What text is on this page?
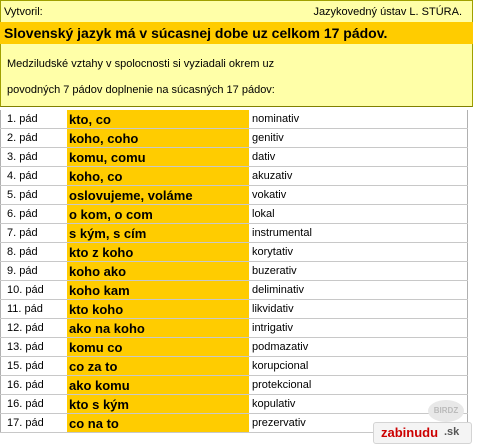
Vytvoril:	Jazykovedný ústav L. STÚRA.
Slovenský jazyk má v súcasnej dobe uz celkom 17 pádov.
Medziludské vztahy v spolocnosti si vyziadali okrem uz
povodných 7 pádov doplnenie na súcasných 17 pádov:
1. pád	kto, co	nominativ
2. pád	koho, coho	genitiv
3. pád	komu, comu	dativ
4. pád	koho, co	akuzativ
5. pád	oslovujeme, voláme	vokativ
6. pád	o kom, o com	lokal
7. pád	s kým, s cím	instrumental
8. pád	kto z koho	korytativ
9. pád	koho ako	buzerativ
10. pád	koho kam	deliminativ
11. pád	kto koho	likvidativ
12. pád	ako na koho	intrigativ
13. pád	komu co	podmazativ
15. pád	co za to	korupcional
16. pád	ako komu	protekcional
16. pád	kto s kým	kopulativ
17. pád	co na to	prezervativ
BIRDZ
zabinudu .sk
